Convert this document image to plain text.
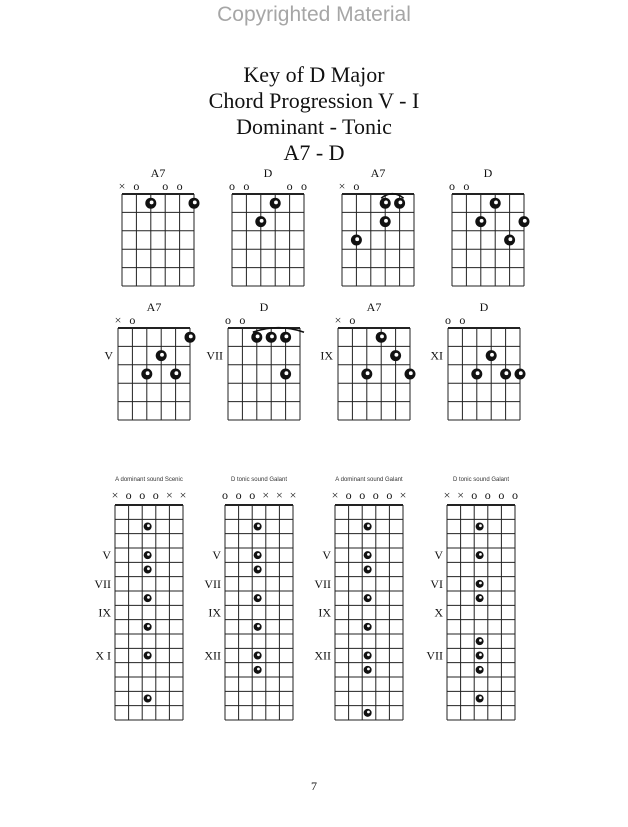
Copyrighted Material
Key of D Major
Chord Progression V - I
Dominant - Tonic
A7 - D
A7
× o o o
D
o o	o o
A7
× o
D
o o
A7
× o
V
D
o o
VII
A7
× o
IX
D
o o
XI
A dominant sound Scenic
× o o o × ×
V
VII
IX
X I
D tonic sound Galant
o o o × × ×
V
VII
IX
XII
A dominant sound Galant
× o o o o ×
V
VII
IX
XII
D tonic sound Galant
× × o o o o
V
VI
X
VII
7
